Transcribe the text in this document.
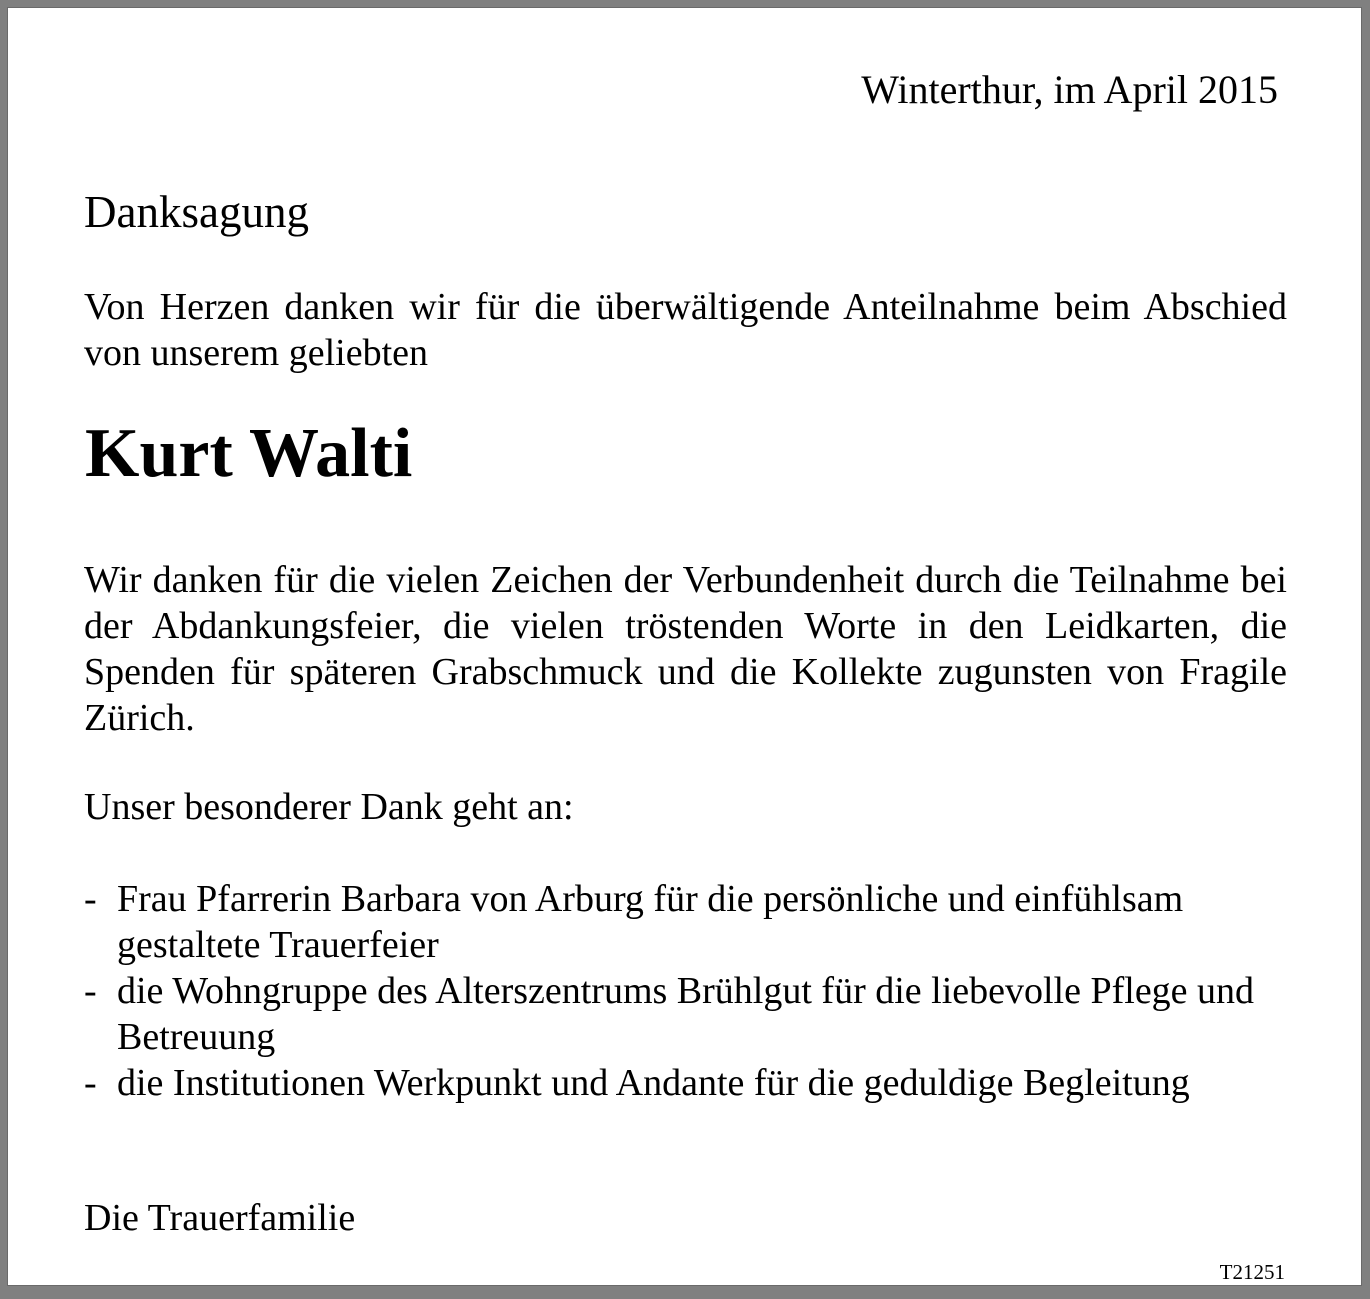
Winterthur, im April 2015
Danksagung

Von Herzen danken wir für die überwältigende Anteilnahme beim Abschied von unserem geliebten

Kurt Walti

Wir danken für die vielen Zeichen der Verbundenheit durch die Teilnahme bei der Abdankungsfeier, die vielen tröstenden Worte in den Leidkarten, die Spenden für späteren Grabschmuck und die Kollekte zugunsten von Fragile Zürich.

Unser besonderer Dank geht an:
- Frau Pfarrerin Barbara von Arburg für die persönliche und einfühlsam gestaltete Trauerfeier
- die Wohngruppe des Alterszentrums Brühlgut für die liebevolle Pflege und Betreuung
- die Institutionen Werkpunkt und Andante für die geduldige Begleitung
Die Trauerfamilie
T21251
